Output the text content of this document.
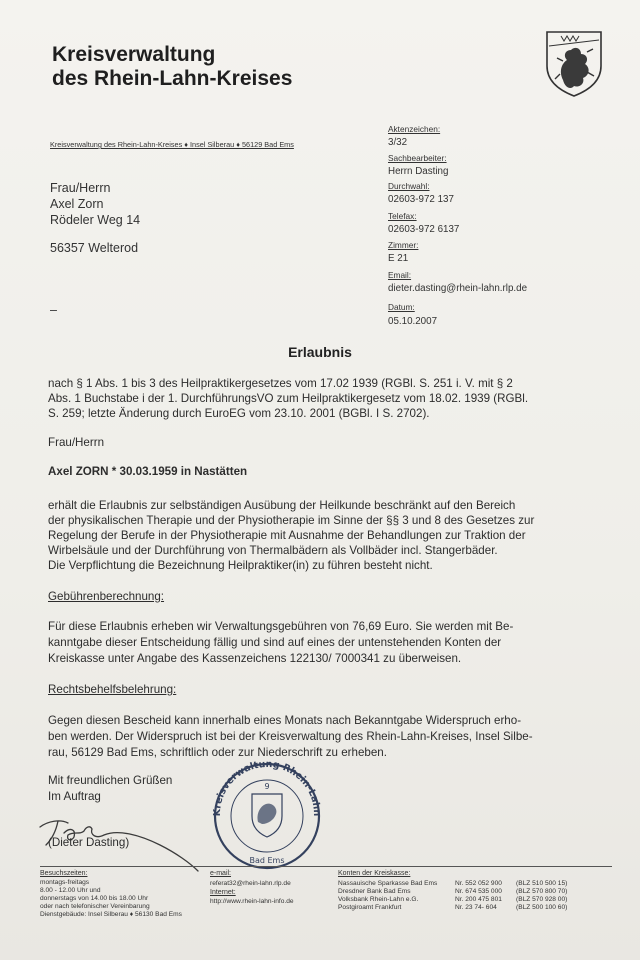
Kreisverwaltung
des Rhein-Lahn-Kreises
Kreisverwaltung des Rhein-Lahn-Kreises ♦ Insel Silberau ♦ 56129 Bad Ems
Aktenzeichen:
3/32
Sachbearbeiter:
Herrn Dasting
Durchwahl:
02603-972 137
Telefax:
02603-972 6137
Zimmer:
E 21
Email:
dieter.dasting@rhein-lahn.rlp.de
Datum:
05.10.2007
Frau/Herrn
Axel Zorn
Rödeler Weg 14
56357 Welterod
–
Erlaubnis
nach § 1 Abs. 1 bis 3 des Heilpraktikergesetzes vom 17.02 1939 (RGBl. S. 251 i. V. mit § 2
Abs. 1 Buchstabe i der 1. DurchführungsVO zum Heilpraktikergesetz vom 18.02. 1939 (RGBl.
S. 259; letzte Änderung durch EuroEG vom 23.10. 2001 (BGBl. I S. 2702).
Frau/Herrn
Axel ZORN * 30.03.1959 in Nastätten
erhält die Erlaubnis zur selbständigen Ausübung der Heilkunde beschränkt auf den Bereich
der physikalischen Therapie und der Physiotherapie im Sinne der §§ 3 und 8 des Gesetzes zur
Regelung der Berufe in der Physiotherapie mit Ausnahme der Behandlungen zur Traktion der
Wirbelsäule und der Durchführung von Thermalbädern als Vollbäder incl. Stangerbäder.
Die Verpflichtung die Bezeichnung Heilpraktiker(in) zu führen besteht nicht.
Gebührenberechnung:
Für diese Erlaubnis erheben wir Verwaltungsgebühren von 76,69 Euro. Sie werden mit Be-
kanntgabe dieser Entscheidung fällig und sind auf eines der untenstehenden Konten der
Kreiskasse unter Angabe des Kassenzeichens 122130/ 7000341 zu überweisen.
Rechtsbehelfsbelehrung:
Gegen diesen Bescheid kann innerhalb eines Monats nach Bekanntgabe Widerspruch erho-
ben werden. Der Widerspruch ist bei der Kreisverwaltung des Rhein-Lahn-Kreises, Insel Silbe-
rau, 56129 Bad Ems, schriftlich oder zur Niederschrift zu erheben.
Mit freundlichen Grüßen
Im Auftrag
(Dieter Dasting)
Kreisverwaltung Rhein-Lahn
9
Bad Ems
Besuchszeiten:
montags-freitags
8.00 - 12.00 Uhr und
donnerstags von 14.00 bis 18.00 Uhr
oder nach telefonischer Vereinbarung
Dienstgebäude: Insel Silberau ♦ 56130 Bad Ems
e-mail:
referat32@rhein-lahn.rlp.de
Internet:
http://www.rhein-lahn-info.de
Konten der Kreiskasse:
Nassauische Sparkasse Bad Ems	Nr. 552 052 900 (BLZ 510 500 15)
Dresdner Bank Bad Ems	Nr. 674 535 000 (BLZ 570 800 70)
Volksbank Rhein-Lahn e.G.	Nr. 200 475 801 (BLZ 570 928 00)
Postgiroamt Frankfurt	Nr. 23 74- 604	(BLZ 500 100 60)
